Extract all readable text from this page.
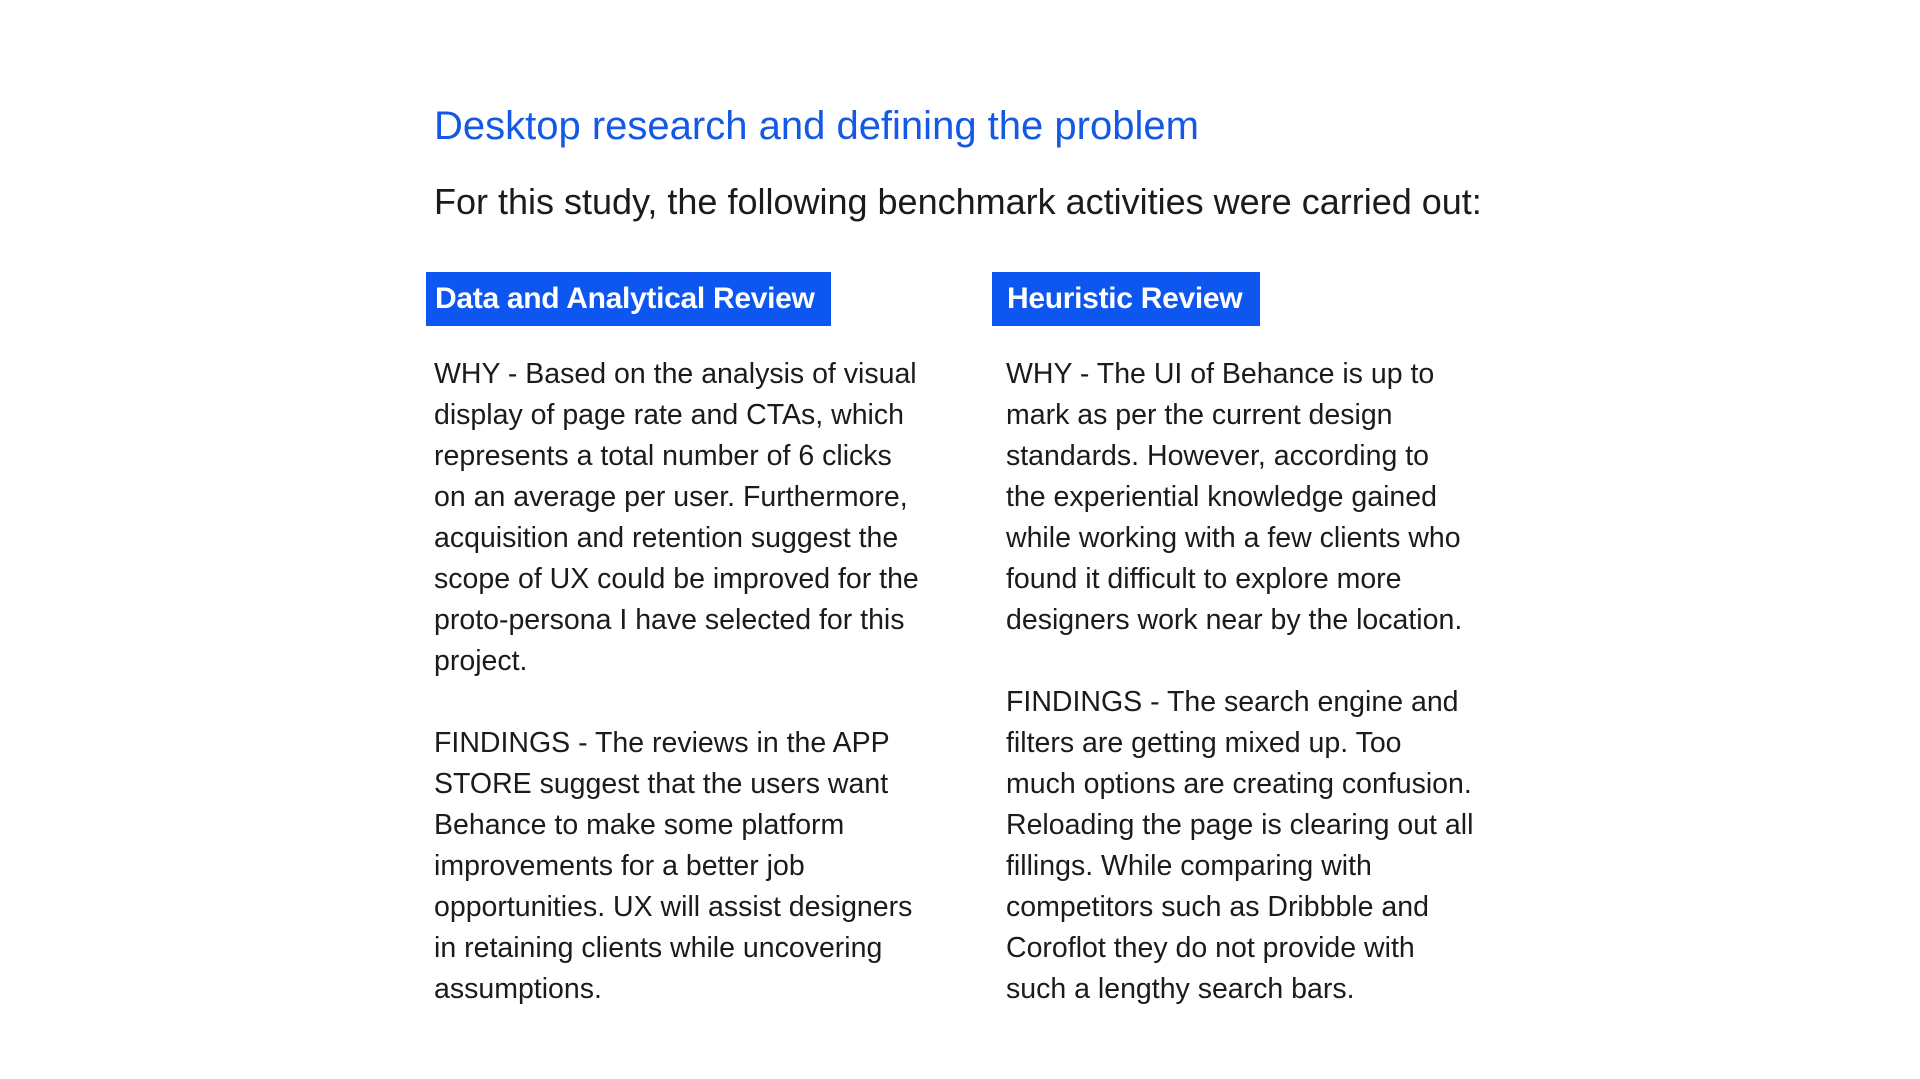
Desktop research and defining the problem

For this study, the following benchmark activities were carried out:

Data and Analytical Review

WHY - Based on the analysis of visual
display of page rate and CTAs, which
represents a total number of 6 clicks
on an average per user. Furthermore,
acquisition and retention suggest the
scope of UX could be improved for the
proto-persona I have selected for this
project.

FINDINGS - The reviews in the APP
STORE suggest that the users want
Behance to make some platform
improvements for a better job
opportunities. UX will assist designers
in retaining clients while uncovering
assumptions.

Heuristic Review

WHY - The UI of Behance is up to
mark as per the current design
standards. However, according to
the experiential knowledge gained
while working with a few clients who
found it difficult to explore more
designers work near by the location.

FINDINGS - The search engine and
filters are getting mixed up. Too
much options are creating confusion.
Reloading the page is clearing out all
fillings. While comparing with
competitors such as Dribbble and
Coroflot they do not provide with
such a lengthy search bars.
